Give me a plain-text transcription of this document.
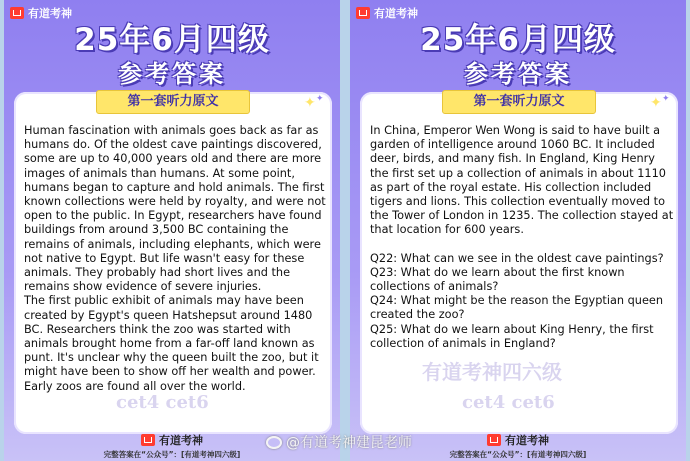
有道考神
25年6月四级
参考答案
第一套听力原文	✦ ✦
cet4 cet6

Human fascination with animals goes back as far as humans do. Of the oldest cave paintings discovered, some are up to 40,000 years old and there are more images of animals than humans. At some point, humans began to capture and hold animals. The first known collections were held by royalty, and were not open to the public. In Egypt, researchers have found buildings from around 3,500 BC containing the remains of animals, including elephants, which were not native to Egypt. But life wasn't easy for these animals. They probably had short lives and the remains show evidence of severe injuries.

The first public exhibit of animals may have been created by Egypt's queen Hatshepsut around 1480 BC. Researchers think the zoo was started with animals brought home from a far-off land known as punt. It's unclear why the queen built the zoo, but it might have been to show off her wealth and power. Early zoos are found all over the world.

有道考神
完整答案在“公众号”：[有道考神四六级]
有道考神
25年6月四级
参考答案
第一套听力原文	✦ ✦
有道考神四六级
cet4 cet6

In China, Emperor Wen Wong is said to have built a garden of intelligence around 1060 BC. It included deer, birds, and many fish. In England, King Henry the first set up a collection of animals in about 1110 as part of the royal estate. His collection included tigers and lions. This collection eventually moved to the Tower of London in 1235. The collection stayed at that location for 600 years.

Q22: What can we see in the oldest cave paintings?

Q23: What do we learn about the first known collections of animals?

Q24: What might be the reason the Egyptian queen created the zoo?

Q25: What do we learn about King Henry, the first collection of animals in England?

有道考神
完整答案在“公众号”：[有道考神四六级]
@有道考神建昆老师
